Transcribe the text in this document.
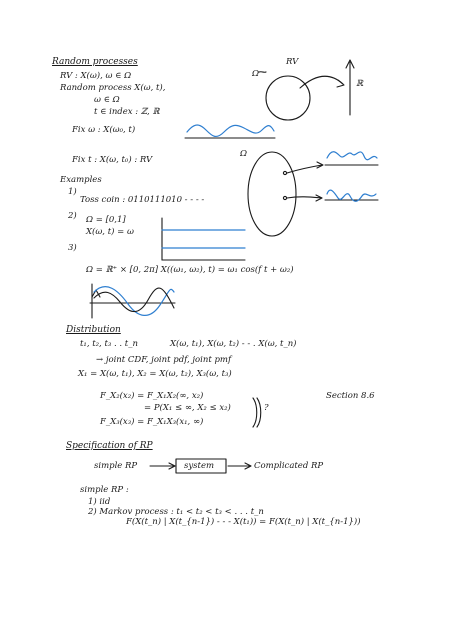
Random processes
RV : X(ω), ω ∈ Ω
Random process X(ω, t),
ω ∈ Ω
t ∈ index : ℤ, ℝ
Fix ω : X(ω₀, t)
Fix t : X(ω, t₀) : RV
RV
Ω
ℝ
Ω
Examples
1)
Toss coin : 0110111010 - - - -
2) Ω = [0,1]
X(ω, t) = ω
3)
Ω = ℝ⁺ × [0, 2π] X((ω₁, ω₂), t) = ω₁ cos(f t + ω₂)
Distribution
t₁, t₂, t₃ . . t_n	X(ω, t₁), X(ω, t₂) - - . X(ω, t_n)
→ joint CDF, joint pdf, joint pmf
X₁ = X(ω, t₁), X₂ = X(ω, t₂), X₃(ω, t₃)
F_X₂(x₂) = F_X₁X₂(∞, x₂)
= P(X₁ ≤ ∞, X₂ ≤ x₂)
F_X₃(x₃) = F_X₁X₃(x₁, ∞)
?
Section 8.6
Specification of RP
simple RP	system	Complicated RP
simple RP :
1) iid
2) Markov process : t₁ < t₂ < t₃ < . . . t_n
F(X(t_n) | X(t_{n-1}) - - - X(t₁)) = F(X(t_n) | X(t_{n-1}))
